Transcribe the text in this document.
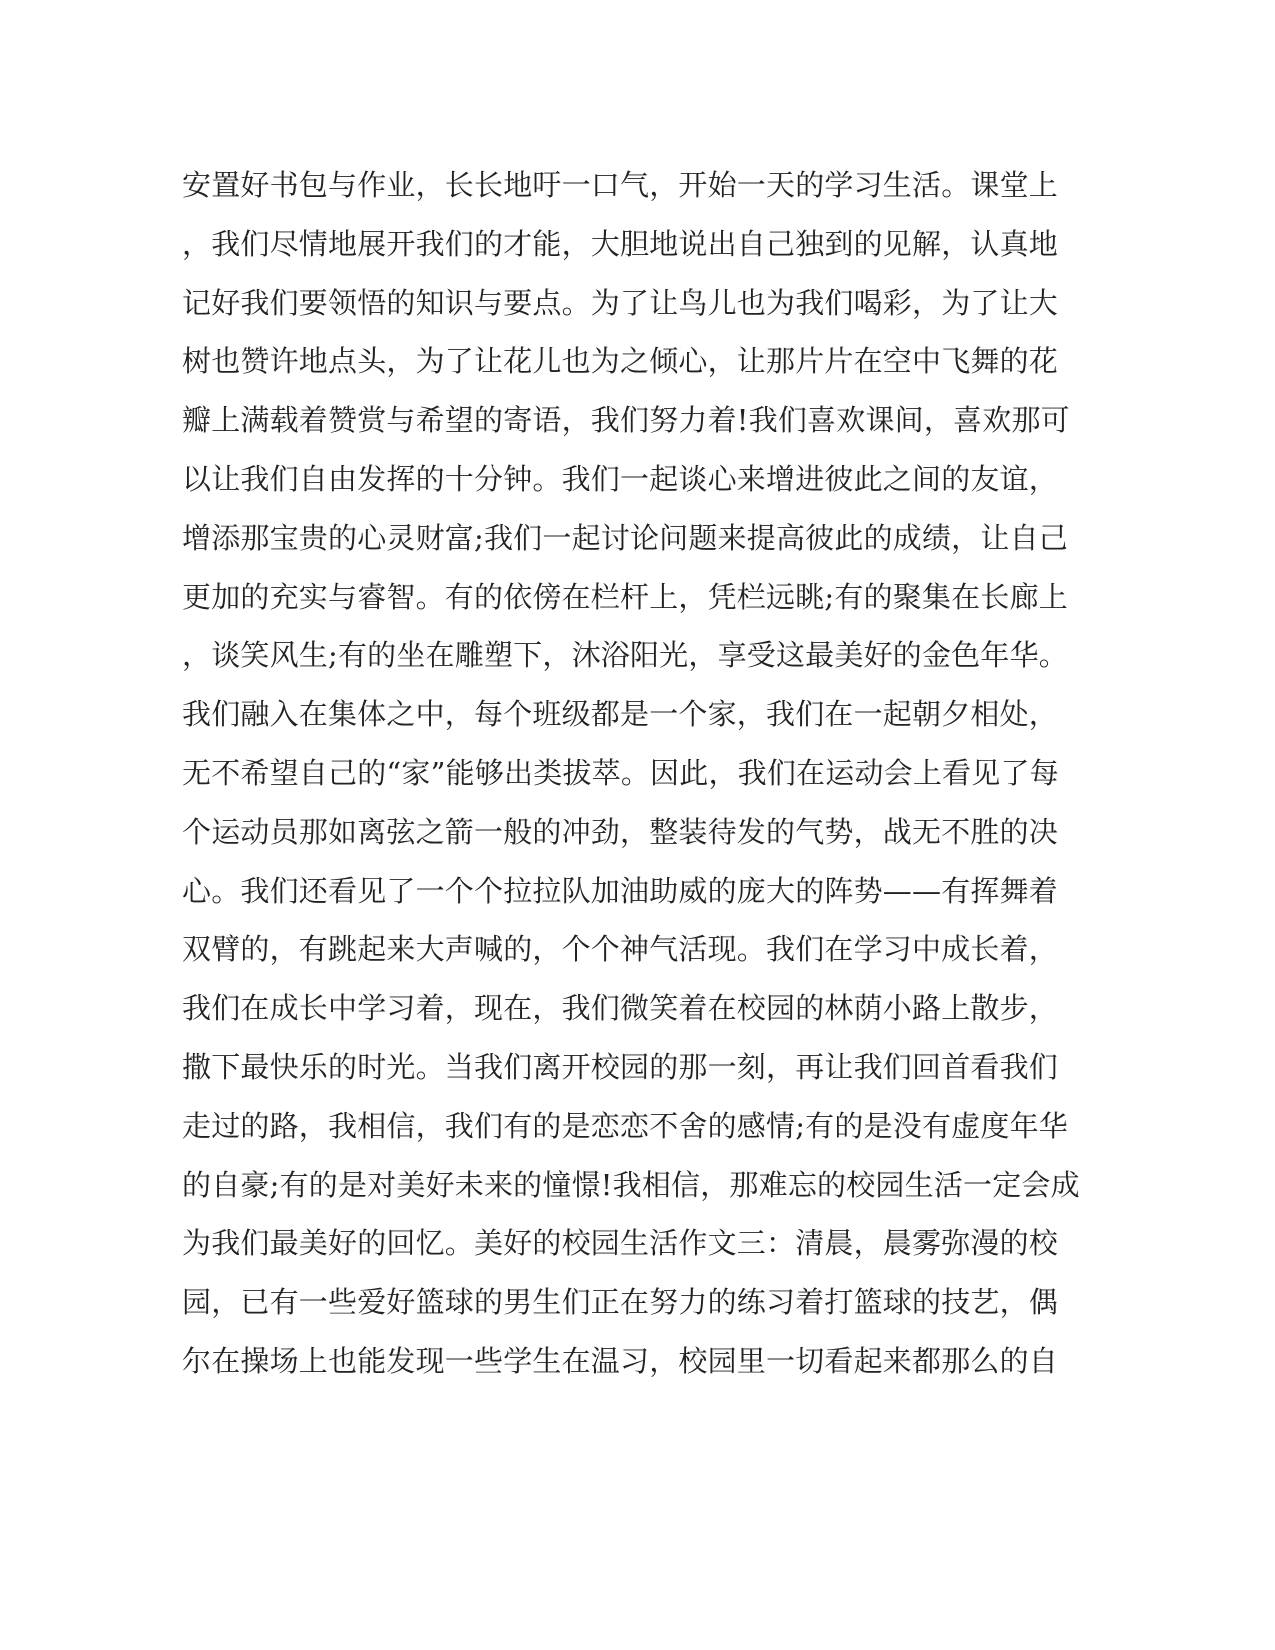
安置好书包与作业，长长地吁一口气，开始一天的学习生活。课堂上
，我们尽情地展开我们的才能，大胆地说出自己独到的见解，认真地
记好我们要领悟的知识与要点。为了让鸟儿也为我们喝彩，为了让大
树也赞许地点头，为了让花儿也为之倾心，让那片片在空中飞舞的花
瓣上满载着赞赏与希望的寄语，我们努力着!我们喜欢课间，喜欢那可
以让我们自由发挥的十分钟。我们一起谈心来增进彼此之间的友谊，
增添那宝贵的心灵财富;我们一起讨论问题来提高彼此的成绩，让自己
更加的充实与睿智。有的依傍在栏杆上，凭栏远眺;有的聚集在长廊上
，谈笑风生;有的坐在雕塑下，沐浴阳光，享受这最美好的金色年华。
我们融入在集体之中，每个班级都是一个家，我们在一起朝夕相处，
无不希望自己的“家”能够出类拔萃。因此，我们在运动会上看见了每
个运动员那如离弦之箭一般的冲劲，整装待发的气势，战无不胜的决
心。我们还看见了一个个拉拉队加油助威的庞大的阵势——有挥舞着
双臂的，有跳起来大声喊的，个个神气活现。我们在学习中成长着，
我们在成长中学习着，现在，我们微笑着在校园的林荫小路上散步，
撒下最快乐的时光。当我们离开校园的那一刻，再让我们回首看我们
走过的路，我相信，我们有的是恋恋不舍的感情;有的是没有虚度年华
的自豪;有的是对美好未来的憧憬!我相信，那难忘的校园生活一定会成
为我们最美好的回忆。美好的校园生活作文三：清晨，晨雾弥漫的校
园，已有一些爱好篮球的男生们正在努力的练习着打篮球的技艺，偶
尔在操场上也能发现一些学生在温习，校园里一切看起来都那么的自
